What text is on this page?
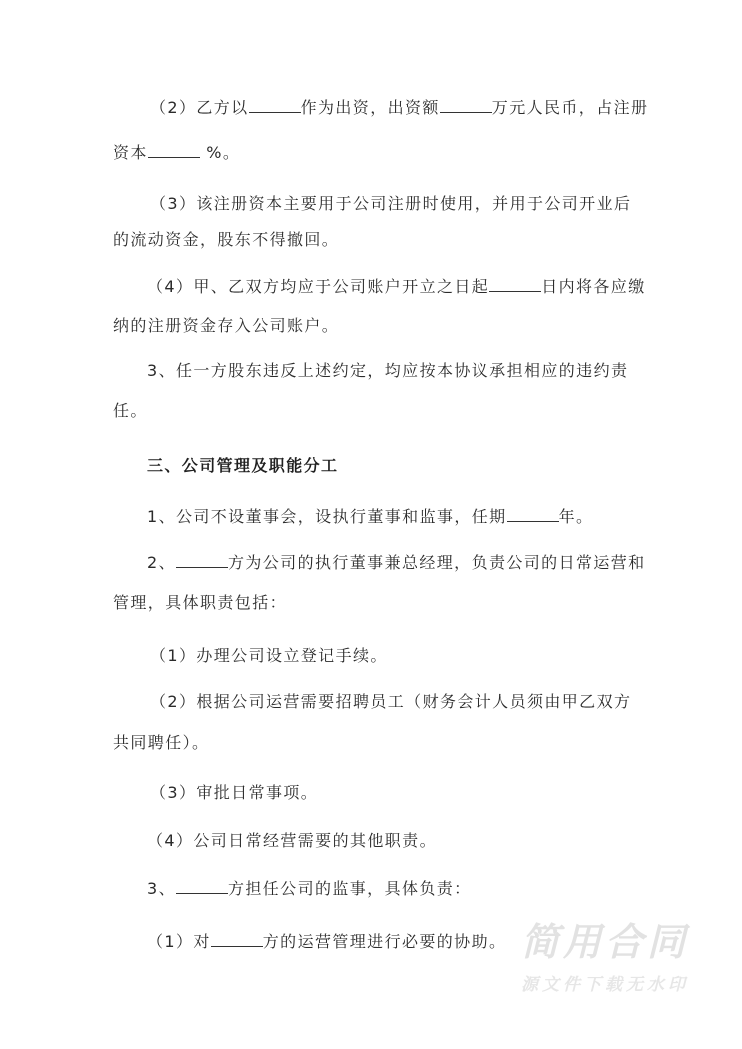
（2）乙方以	作为出资，出资额	万元人民币，占注册
资本	%。
（3）该注册资本主要用于公司注册时使用，并用于公司开业后
的流动资金，股东不得撤回。
（4）甲、乙双方均应于公司账户开立之日起	日内将各应缴
纳的注册资金存入公司账户。
3、任一方股东违反上述约定，均应按本协议承担相应的违约责
任。
三、公司管理及职能分工
1、公司不设董事会，设执行董事和监事，任期	年。
2、	方为公司的执行董事兼总经理，负责公司的日常运营和
管理，具体职责包括：
（1）办理公司设立登记手续。
（2）根据公司运营需要招聘员工（财务会计人员须由甲乙双方
共同聘任）。
（3）审批日常事项。
（4）公司日常经营需要的其他职责。
3、	方担任公司的监事，具体负责：
（1）对	方的运营管理进行必要的协助。 简用合同
源文件下载无水印
